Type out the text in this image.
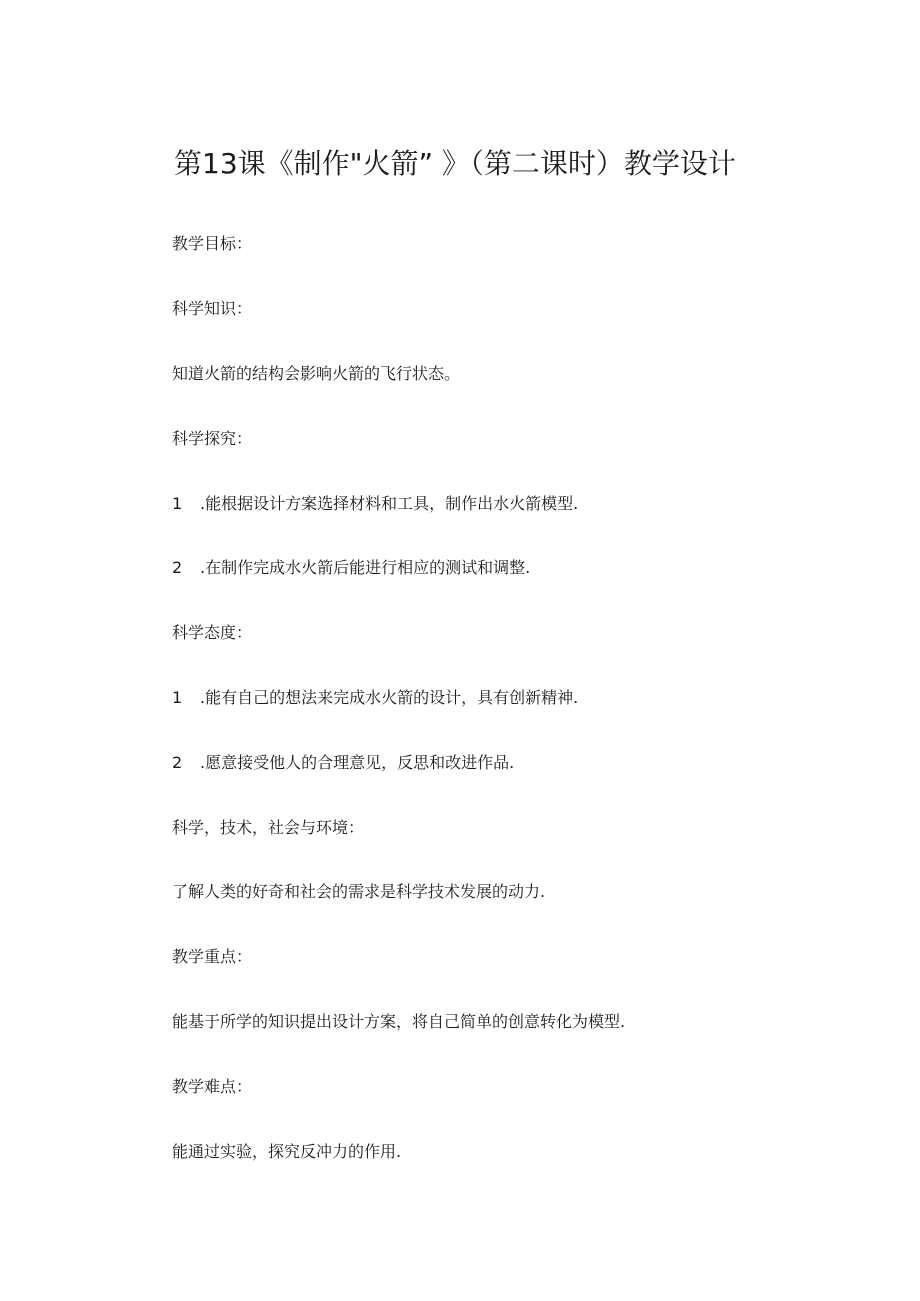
第13课《制作"火箭” 》（第二课时）教学设计
教学目标：
科学知识：
知道火箭的结构会影响火箭的飞行状态。
科学探究：
1 .能根据设计方案选择材料和工具，制作出水火箭模型.
2 .在制作完成水火箭后能进行相应的测试和调整.
科学态度：
1 .能有自己的想法来完成水火箭的设计，具有创新精神.
2 .愿意接受他人的合理意见，反思和改进作品.
科学，技术，社会与环境：
了解人类的好奇和社会的需求是科学技术发展的动力.
教学重点：
能基于所学的知识提出设计方案，将自己简单的创意转化为模型.
教学难点：
能通过实验，探究反冲力的作用.
